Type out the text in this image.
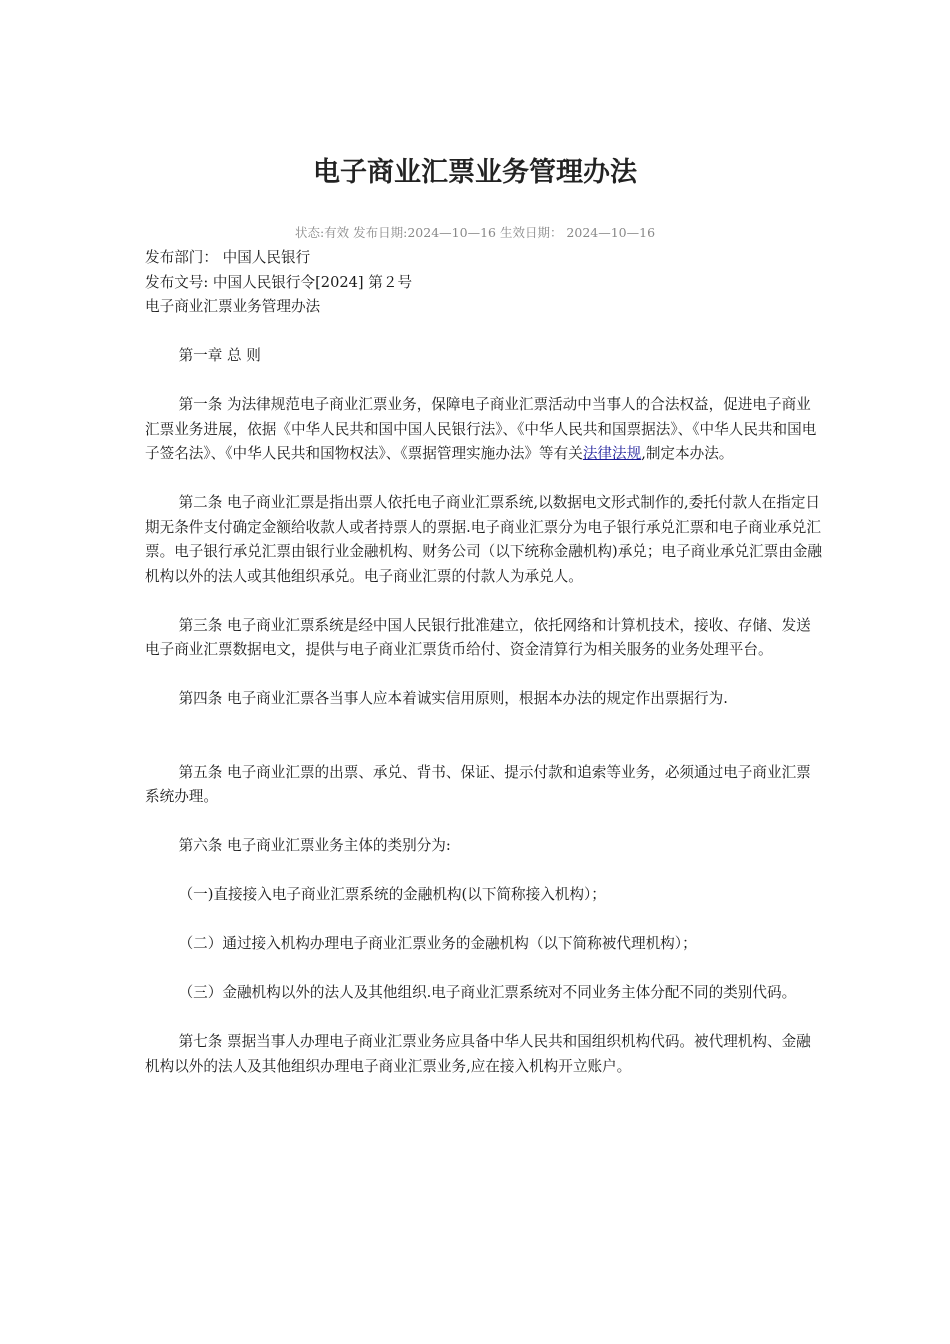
电子商业汇票业务管理办法
状态:有效 发布日期:2024—10—16 生效日期： 2024—10—16

发布部门： 中国人民银行

发布文号: 中国人民银行令[2024] 第２号

电子商业汇票业务管理办法

第一章 总 则

第一条 为法律规范电子商业汇票业务，保障电子商业汇票活动中当事人的合法权益，促进电子商业汇票业务进展，依据《中华人民共和国中国人民银行法》、《中华人民共和国票据法》、《中华人民共和国电子签名法》、《中华人民共和国物权法》、《票据管理实施办法》等有关法律法规,制定本办法。

第二条 电子商业汇票是指出票人依托电子商业汇票系统,以数据电文形式制作的,委托付款人在指定日期无条件支付确定金额给收款人或者持票人的票据.电子商业汇票分为电子银行承兑汇票和电子商业承兑汇票。电子银行承兑汇票由银行业金融机构、财务公司（以下统称金融机构)承兑；电子商业承兑汇票由金融机构以外的法人或其他组织承兑。电子商业汇票的付款人为承兑人。

第三条 电子商业汇票系统是经中国人民银行批准建立，依托网络和计算机技术，接收、存储、发送电子商业汇票数据电文，提供与电子商业汇票货币给付、资金清算行为相关服务的业务处理平台。

第四条 电子商业汇票各当事人应本着诚实信用原则，根据本办法的规定作出票据行为.

第五条 电子商业汇票的出票、承兑、背书、保证、提示付款和追索等业务，必须通过电子商业汇票系统办理。

第六条 电子商业汇票业务主体的类别分为:

（一)直接接入电子商业汇票系统的金融机构(以下简称接入机构）；

（二）通过接入机构办理电子商业汇票业务的金融机构（以下简称被代理机构）；

（三）金融机构以外的法人及其他组织.电子商业汇票系统对不同业务主体分配不同的类别代码。

第七条 票据当事人办理电子商业汇票业务应具备中华人民共和国组织机构代码。被代理机构、金融机构以外的法人及其他组织办理电子商业汇票业务,应在接入机构开立账户。
